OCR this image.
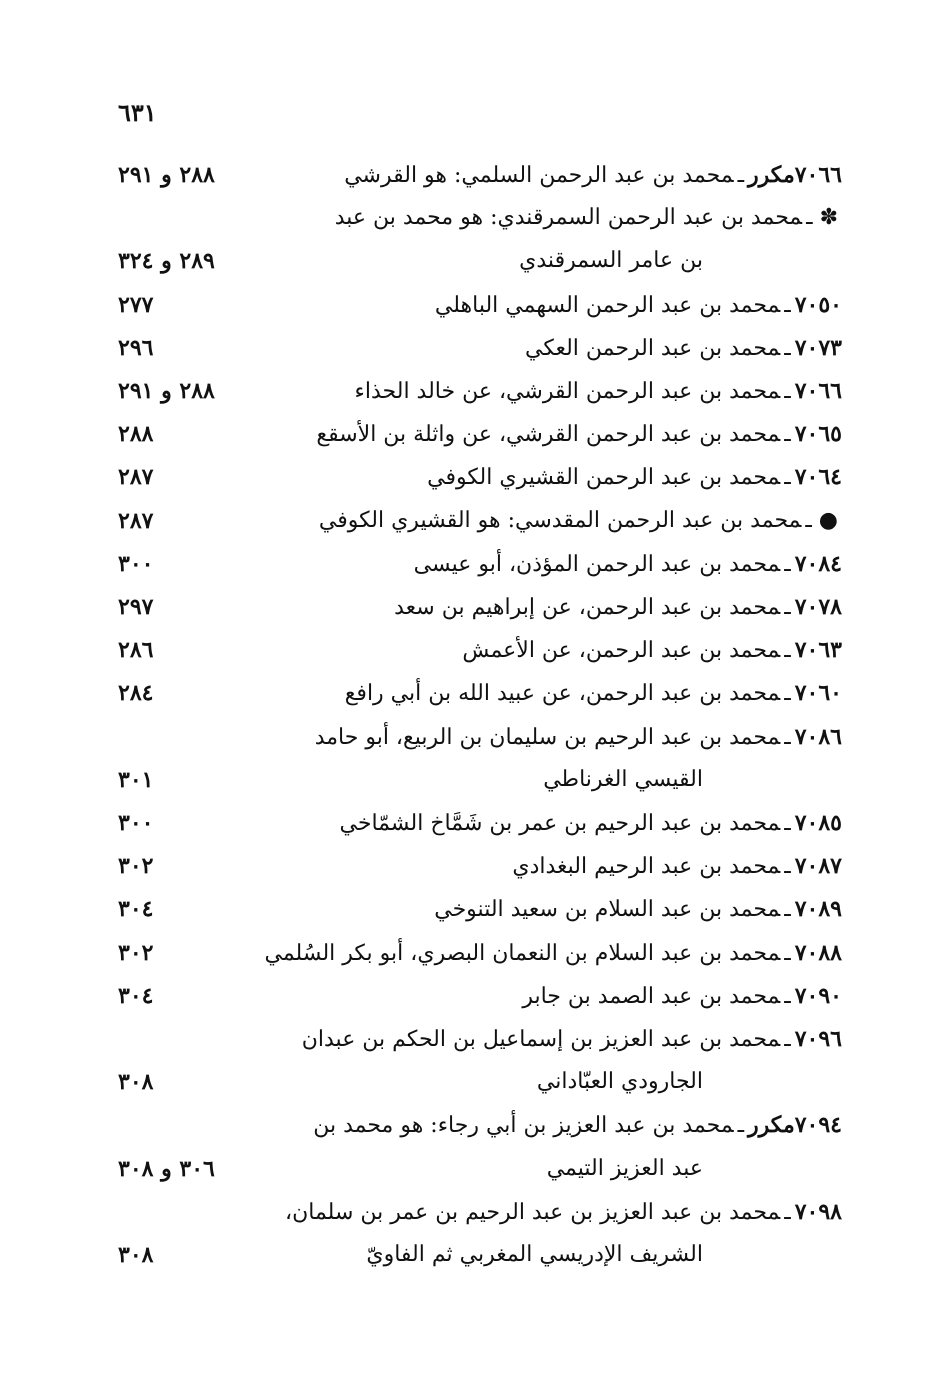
٦٣١
٧٠٦٦مكررـمحمد بن عبد الرحمن السلمي: هو القرشي
٢٨٨ و ٢٩١
✽ ـمحمد بن عبد الرحمن السمرقندي: هو محمد بن عبد
بن عامر السمرقندي
٢٨٩ و ٣٢٤
٧٠٥٠ـمحمد بن عبد الرحمن السهمي الباهلي
٢٧٧
٧٠٧٣ـمحمد بن عبد الرحمن العكي
٢٩٦
٧٠٦٦ـمحمد بن عبد الرحمن القرشي، عن خالد الحذاء
٢٨٨ و ٢٩١
٧٠٦٥ـمحمد بن عبد الرحمن القرشي، عن واثلة بن الأسقع
٢٨٨
٧٠٦٤ـمحمد بن عبد الرحمن القشيري الكوفي
٢٨٧
● ـمحمد بن عبد الرحمن المقدسي: هو القشيري الكوفي
٢٨٧
٧٠٨٤ـمحمد بن عبد الرحمن المؤذن، أبو عيسى
٣٠٠
٧٠٧٨ـمحمد بن عبد الرحمن، عن إبراهيم بن سعد
٢٩٧
٧٠٦٣ـمحمد بن عبد الرحمن، عن الأعمش
٢٨٦
٧٠٦٠ـمحمد بن عبد الرحمن، عن عبيد الله بن أبي رافع
٢٨٤
٧٠٨٦ـمحمد بن عبد الرحيم بن سليمان بن الربيع، أبو حامد
القيسي الغرناطي
٣٠١
٧٠٨٥ـمحمد بن عبد الرحيم بن عمر بن شَمَّاخ الشمّاخي
٣٠٠
٧٠٨٧ـمحمد بن عبد الرحيم البغدادي
٣٠٢
٧٠٨٩ـمحمد بن عبد السلام بن سعيد التنوخي
٣٠٤
٧٠٨٨ـمحمد بن عبد السلام بن النعمان البصري، أبو بكر السُلمي
٣٠٢
٧٠٩٠ـمحمد بن عبد الصمد بن جابر
٣٠٤
٧٠٩٦ـمحمد بن عبد العزيز بن إسماعيل بن الحكم بن عبدان
الجارودي العبّاداني
٣٠٨
٧٠٩٤مكررـمحمد بن عبد العزيز بن أبي رجاء: هو محمد بن
عبد العزيز التيمي
٣٠٦ و ٣٠٨
٧٠٩٨ـمحمد بن عبد العزيز بن عبد الرحيم بن عمر بن سلمان،
الشريف الإدريسي المغربي ثم الفاويّ
٣٠٨
